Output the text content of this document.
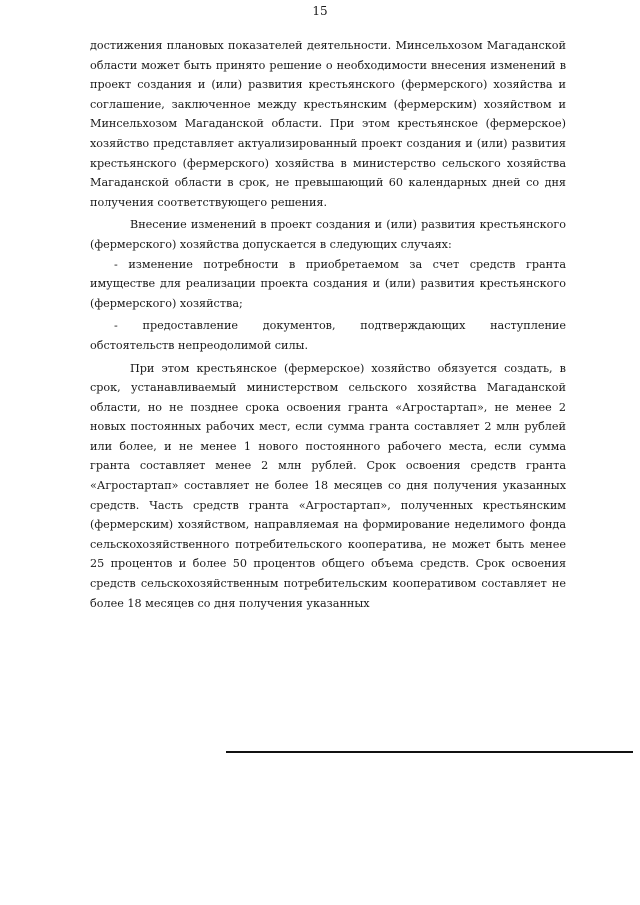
15

достижения плановых показателей деятельности. Минсельхозом Магаданской области может быть принято решение о необходимости внесения изменений в проект создания и (или) развития крестьянского (фермерского) хозяйства и соглашение, заключенное между крестьянским (фермерским) хозяйством и Минсельхозом Магаданской области. При этом крестьянское (фермерское) хозяйство представляет актуализированный проект создания и (или) развития крестьянского (фермерского) хозяйства в министерство сельского хозяйства Магаданской области в срок, не превышающий 60 календарных дней со дня получения соответствующего решения.

Внесение изменений в проект создания и (или) развития крестьянского (фермерского) хозяйства допускается в следующих случаях:

- изменение потребности в приобретаемом за счет средств гранта имуществе для реализации проекта создания и (или) развития крестьянского (фермерского) хозяйства;

- предоставление документов, подтверждающих наступление обстоятельств непреодолимой силы.

При этом крестьянское (фермерское) хозяйство обязуется создать, в срок, устанавливаемый министерством сельского хозяйства Магаданской области, но не позднее срока освоения гранта «Агростартап», не менее 2 новых постоянных рабочих мест, если сумма гранта составляет 2 млн рублей или более, и не менее 1 нового постоянного рабочего места, если сумма гранта составляет менее 2 млн рублей. Срок освоения средств гранта «Агростартап» составляет не более 18 месяцев со дня получения указанных средств. Часть средств гранта «Агростартап», полученных крестьянским (фермерским) хозяйством, направляемая на формирование неделимого фонда сельскохозяйственного потребительского кооператива, не может быть менее 25 процентов и более 50 процентов общего объема средств. Срок освоения средств сельскохозяйственным потребительским кооперативом составляет не более 18 месяцев со дня получения указанных
